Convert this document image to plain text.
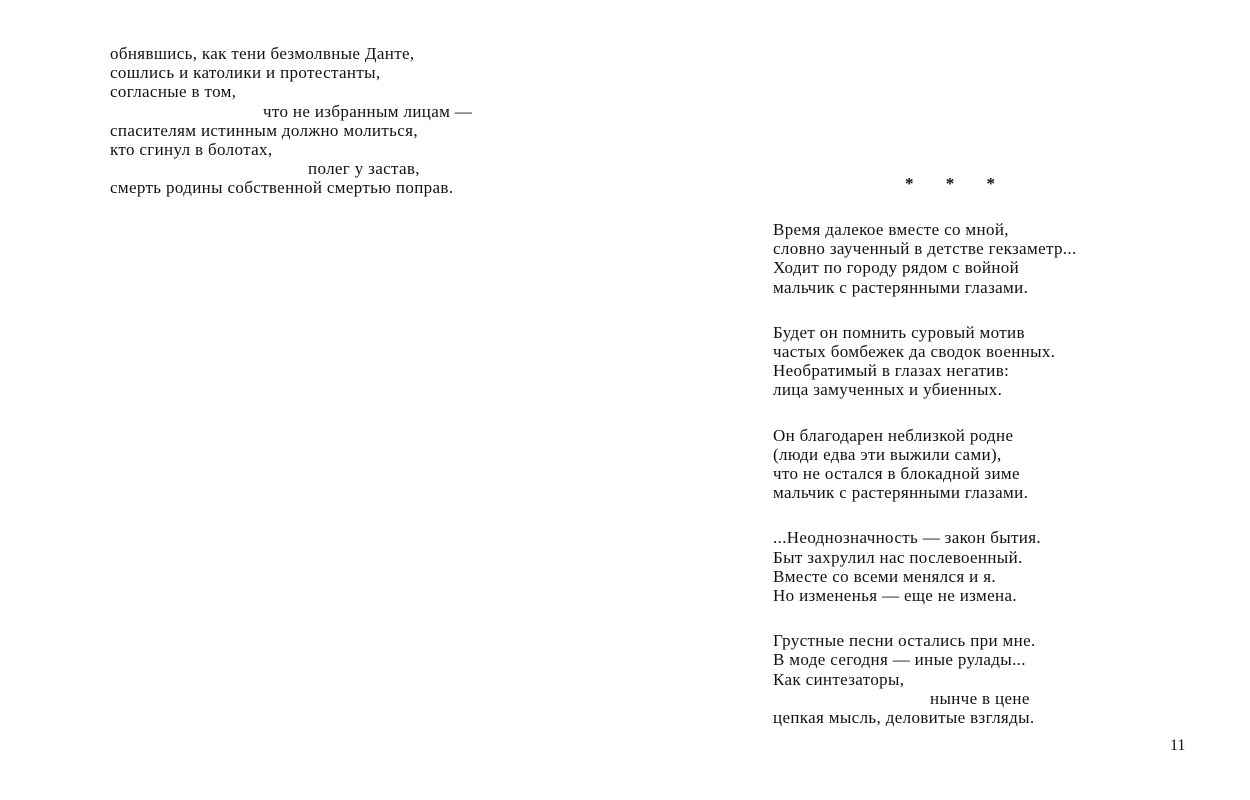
обнявшись, как тени безмолвные Данте,
сошлись и католики и протестанты,
согласные в том,
что не избранным лицам —
спасителям истинным должно молиться,
кто сгинул в болотах,
полег у застав,
смерть родины собственной смертью поправ.	* * *
Время далекое вместе со мной,
словно заученный в детстве гекзаметр...
Ходит по городу рядом с войной
мальчик с растерянными глазами.
Будет он помнить суровый мотив
частых бомбежек да сводок военных.
Необратимый в глазах негатив:
лица замученных и убиенных.
Он благодарен неблизкой родне
(люди едва эти выжили сами),
что не остался в блокадной зиме
мальчик с растерянными глазами.
...Неоднозначность — закон бытия.
Быт захрулил нас послевоенный.
Вместе со всеми менялся и я.
Но измененья — еще не измена.
Грустные песни остались при мне.
В моде сегодня — иные рулады...
Как синтезаторы,
нынче в цене
цепкая мысль, деловитые взгляды.
11
